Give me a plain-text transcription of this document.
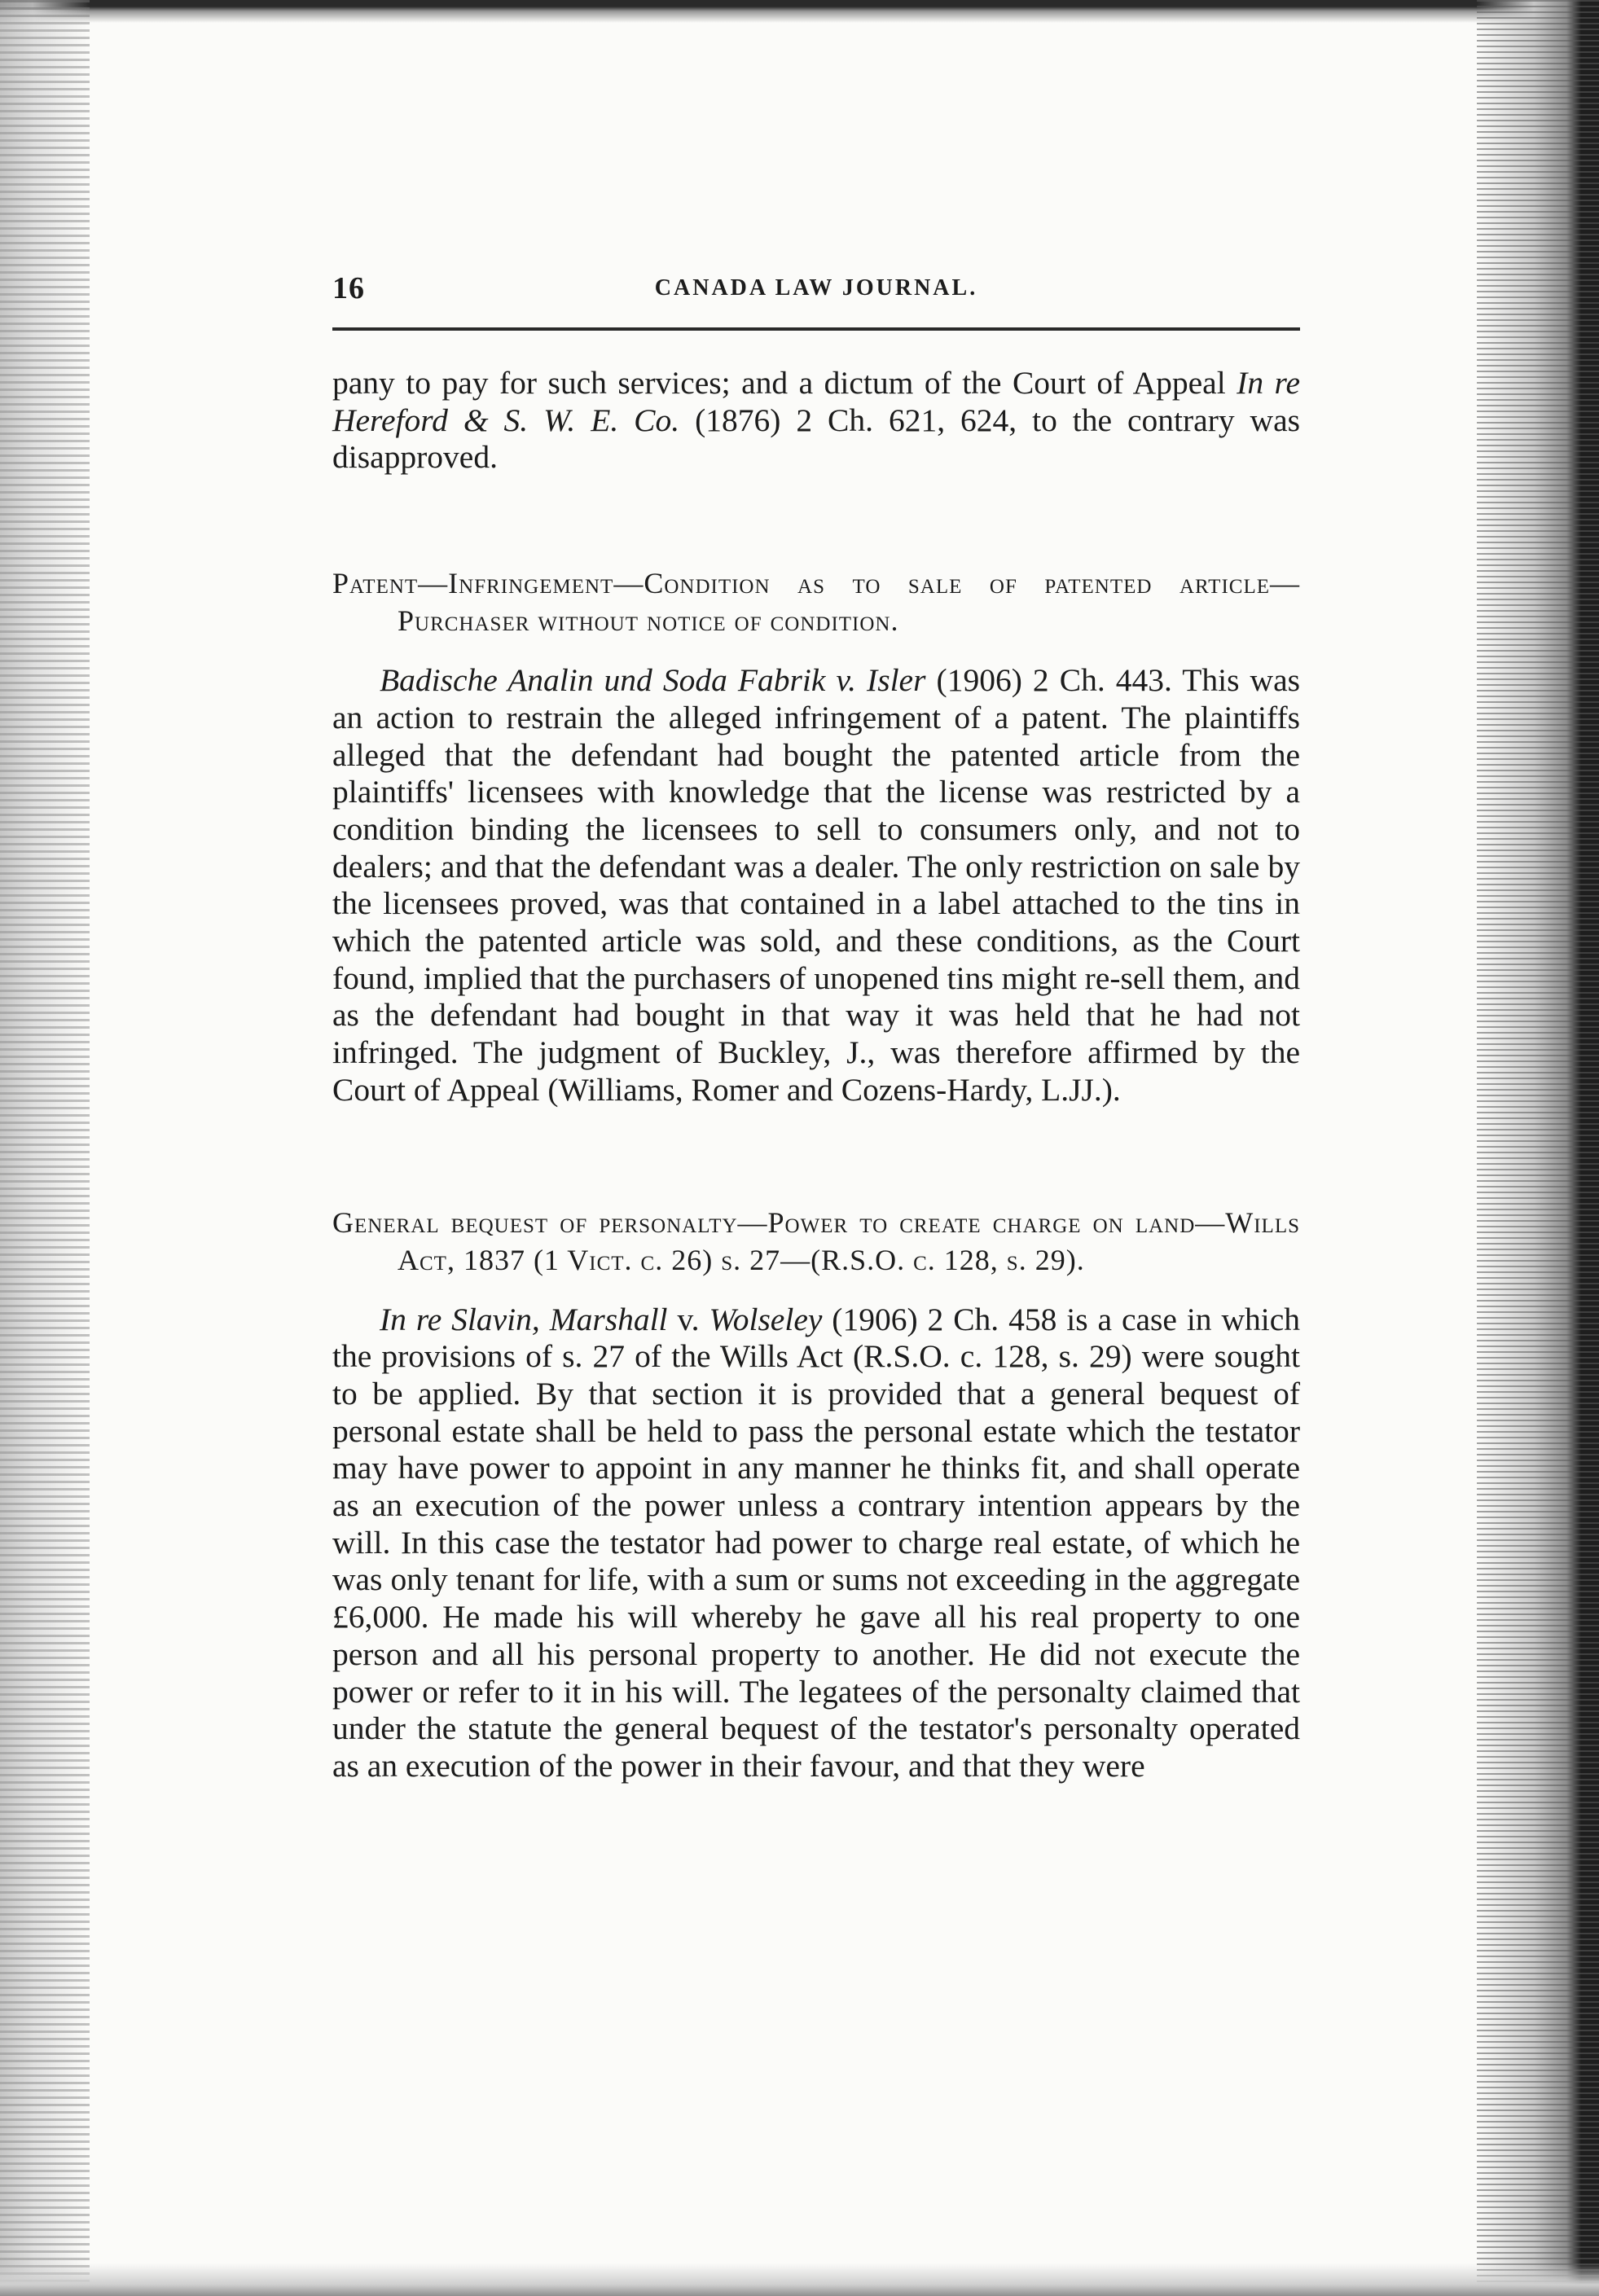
16	CANADA LAW JOURNAL.

pany to pay for such services; and a dictum of the Court of Appeal In re Hereford & S. W. E. Co. (1876) 2 Ch. 621, 624, to the contrary was disapproved.

Patent—Infringement—Condition as to sale of patented article—Purchaser without notice of condition.

Badische Analin und Soda Fabrik v. Isler (1906) 2 Ch. 443. This was an action to restrain the alleged infringement of a patent. The plaintiffs alleged that the defendant had bought the patented article from the plaintiffs' licensees with knowledge that the license was restricted by a condition binding the licensees to sell to consumers only, and not to dealers; and that the defendant was a dealer. The only restriction on sale by the licensees proved, was that contained in a label attached to the tins in which the patented article was sold, and these conditions, as the Court found, implied that the purchasers of unopened tins might re-sell them, and as the defendant had bought in that way it was held that he had not infringed. The judgment of Buckley, J., was therefore affirmed by the Court of Appeal (Williams, Romer and Cozens-Hardy, L.JJ.).

General bequest of personalty—Power to create charge on land—Wills Act, 1837 (1 Vict. c. 26) s. 27—(R.S.O. c. 128, s. 29).

In re Slavin, Marshall v. Wolseley (1906) 2 Ch. 458 is a case in which the provisions of s. 27 of the Wills Act (R.S.O. c. 128, s. 29) were sought to be applied. By that section it is provided that a general bequest of personal estate shall be held to pass the personal estate which the testator may have power to appoint in any manner he thinks fit, and shall operate as an execution of the power unless a contrary intention appears by the will. In this case the testator had power to charge real estate, of which he was only tenant for life, with a sum or sums not exceeding in the aggregate £6,000. He made his will whereby he gave all his real property to one person and all his personal property to another. He did not execute the power or refer to it in his will. The legatees of the personalty claimed that under the statute the general bequest of the testator's personalty operated as an execution of the power in their favour, and that they were
